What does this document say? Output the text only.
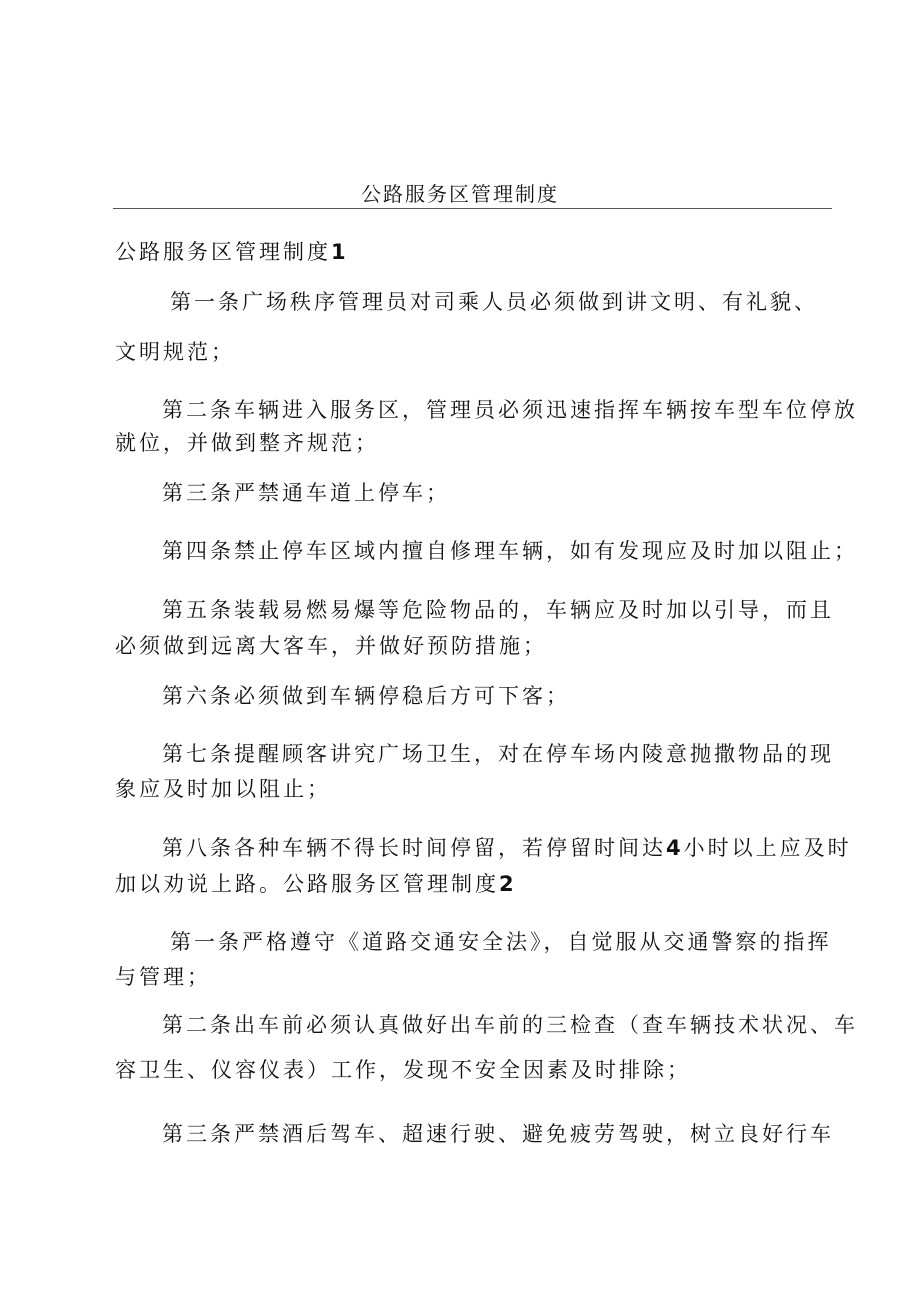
公路服务区管理制度
公路服务区管理制度1
第一条广场秩序管理员对司乘人员必须做到讲文明、有礼貌、
文明规范；
第二条车辆进入服务区，管理员必须迅速指挥车辆按车型车位停放
就位，并做到整齐规范；
第三条严禁通车道上停车；
第四条禁止停车区域内擅自修理车辆，如有发现应及时加以阻止；
第五条装载易燃易爆等危险物品的，车辆应及时加以引导，而且
必须做到远离大客车，并做好预防措施；
第六条必须做到车辆停稳后方可下客；
第七条提醒顾客讲究广场卫生，对在停车场内陵意抛撒物品的现
象应及时加以阻止；
第八条各种车辆不得长时间停留，若停留时间达4小时以上应及时
加以劝说上路。公路服务区管理制度2
第一条严格遵守《道路交通安全法》，自觉服从交通警察的指挥
与管理；
第二条出车前必须认真做好出车前的三检查（查车辆技术状况、车
容卫生、仪容仪表）工作，发现不安全因素及时排除；
第三条严禁酒后驾车、超速行驶、避免疲劳驾驶，树立良好行车
